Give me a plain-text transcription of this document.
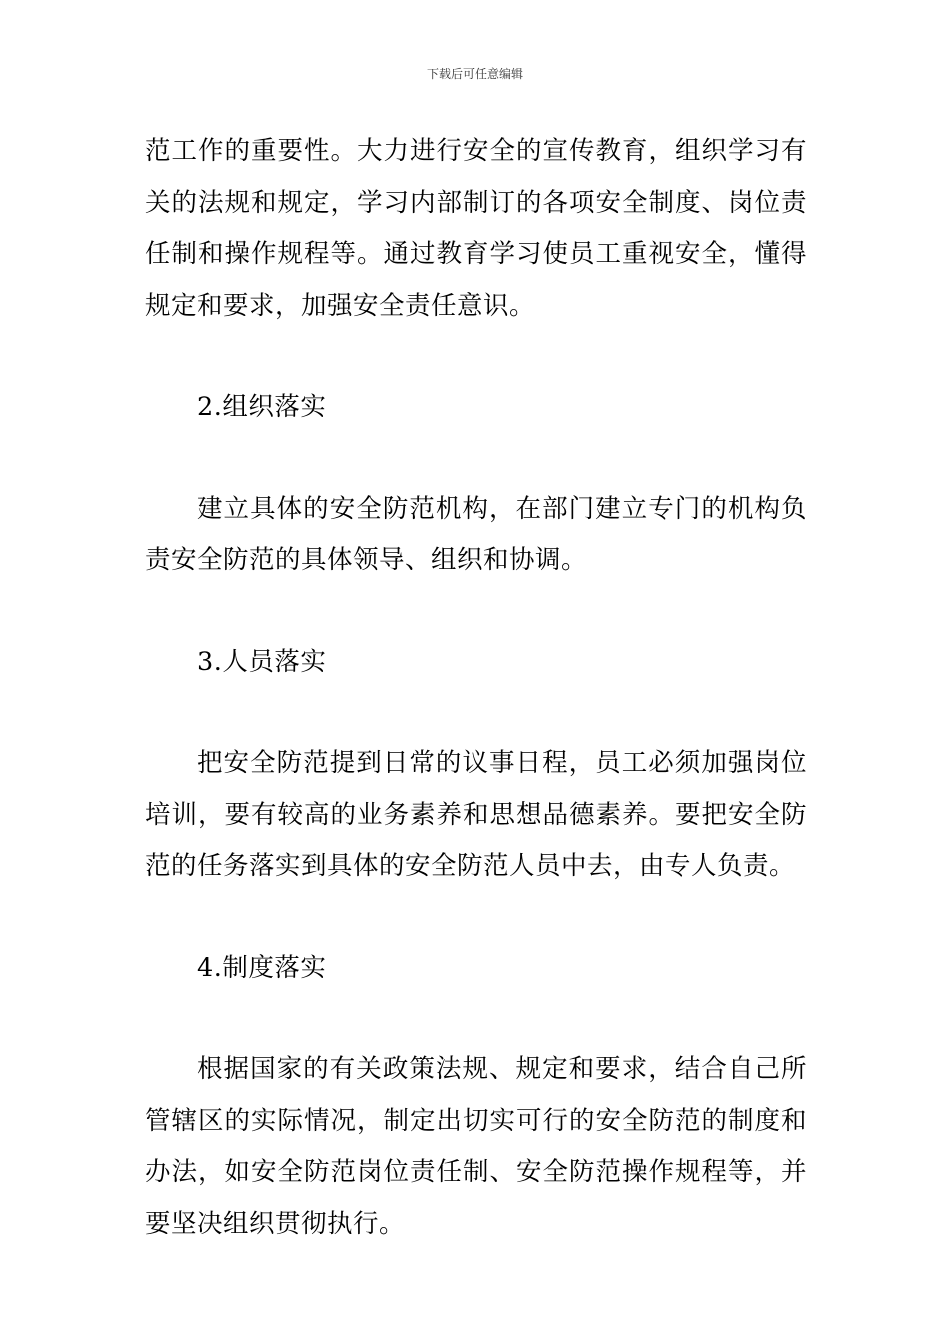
下载后可任意编辑

范工作的重要性。大力进行安全的宣传教育，组织学习有关的法规和规定，学习内部制订的各项安全制度、岗位责任制和操作规程等。通过教育学习使员工重视安全，懂得规定和要求，加强安全责任意识。

2.组织落实

建立具体的安全防范机构，在部门建立专门的机构负责安全防范的具体领导、组织和协调。

3.人员落实

把安全防范提到日常的议事日程，员工必须加强岗位培训，要有较高的业务素养和思想品德素养。要把安全防范的任务落实到具体的安全防范人员中去，由专人负责。

4.制度落实

根据国家的有关政策法规、规定和要求，结合自己所管辖区的实际情况，制定出切实可行的安全防范的制度和办法，如安全防范岗位责任制、安全防范操作规程等，并要坚决组织贯彻执行。
